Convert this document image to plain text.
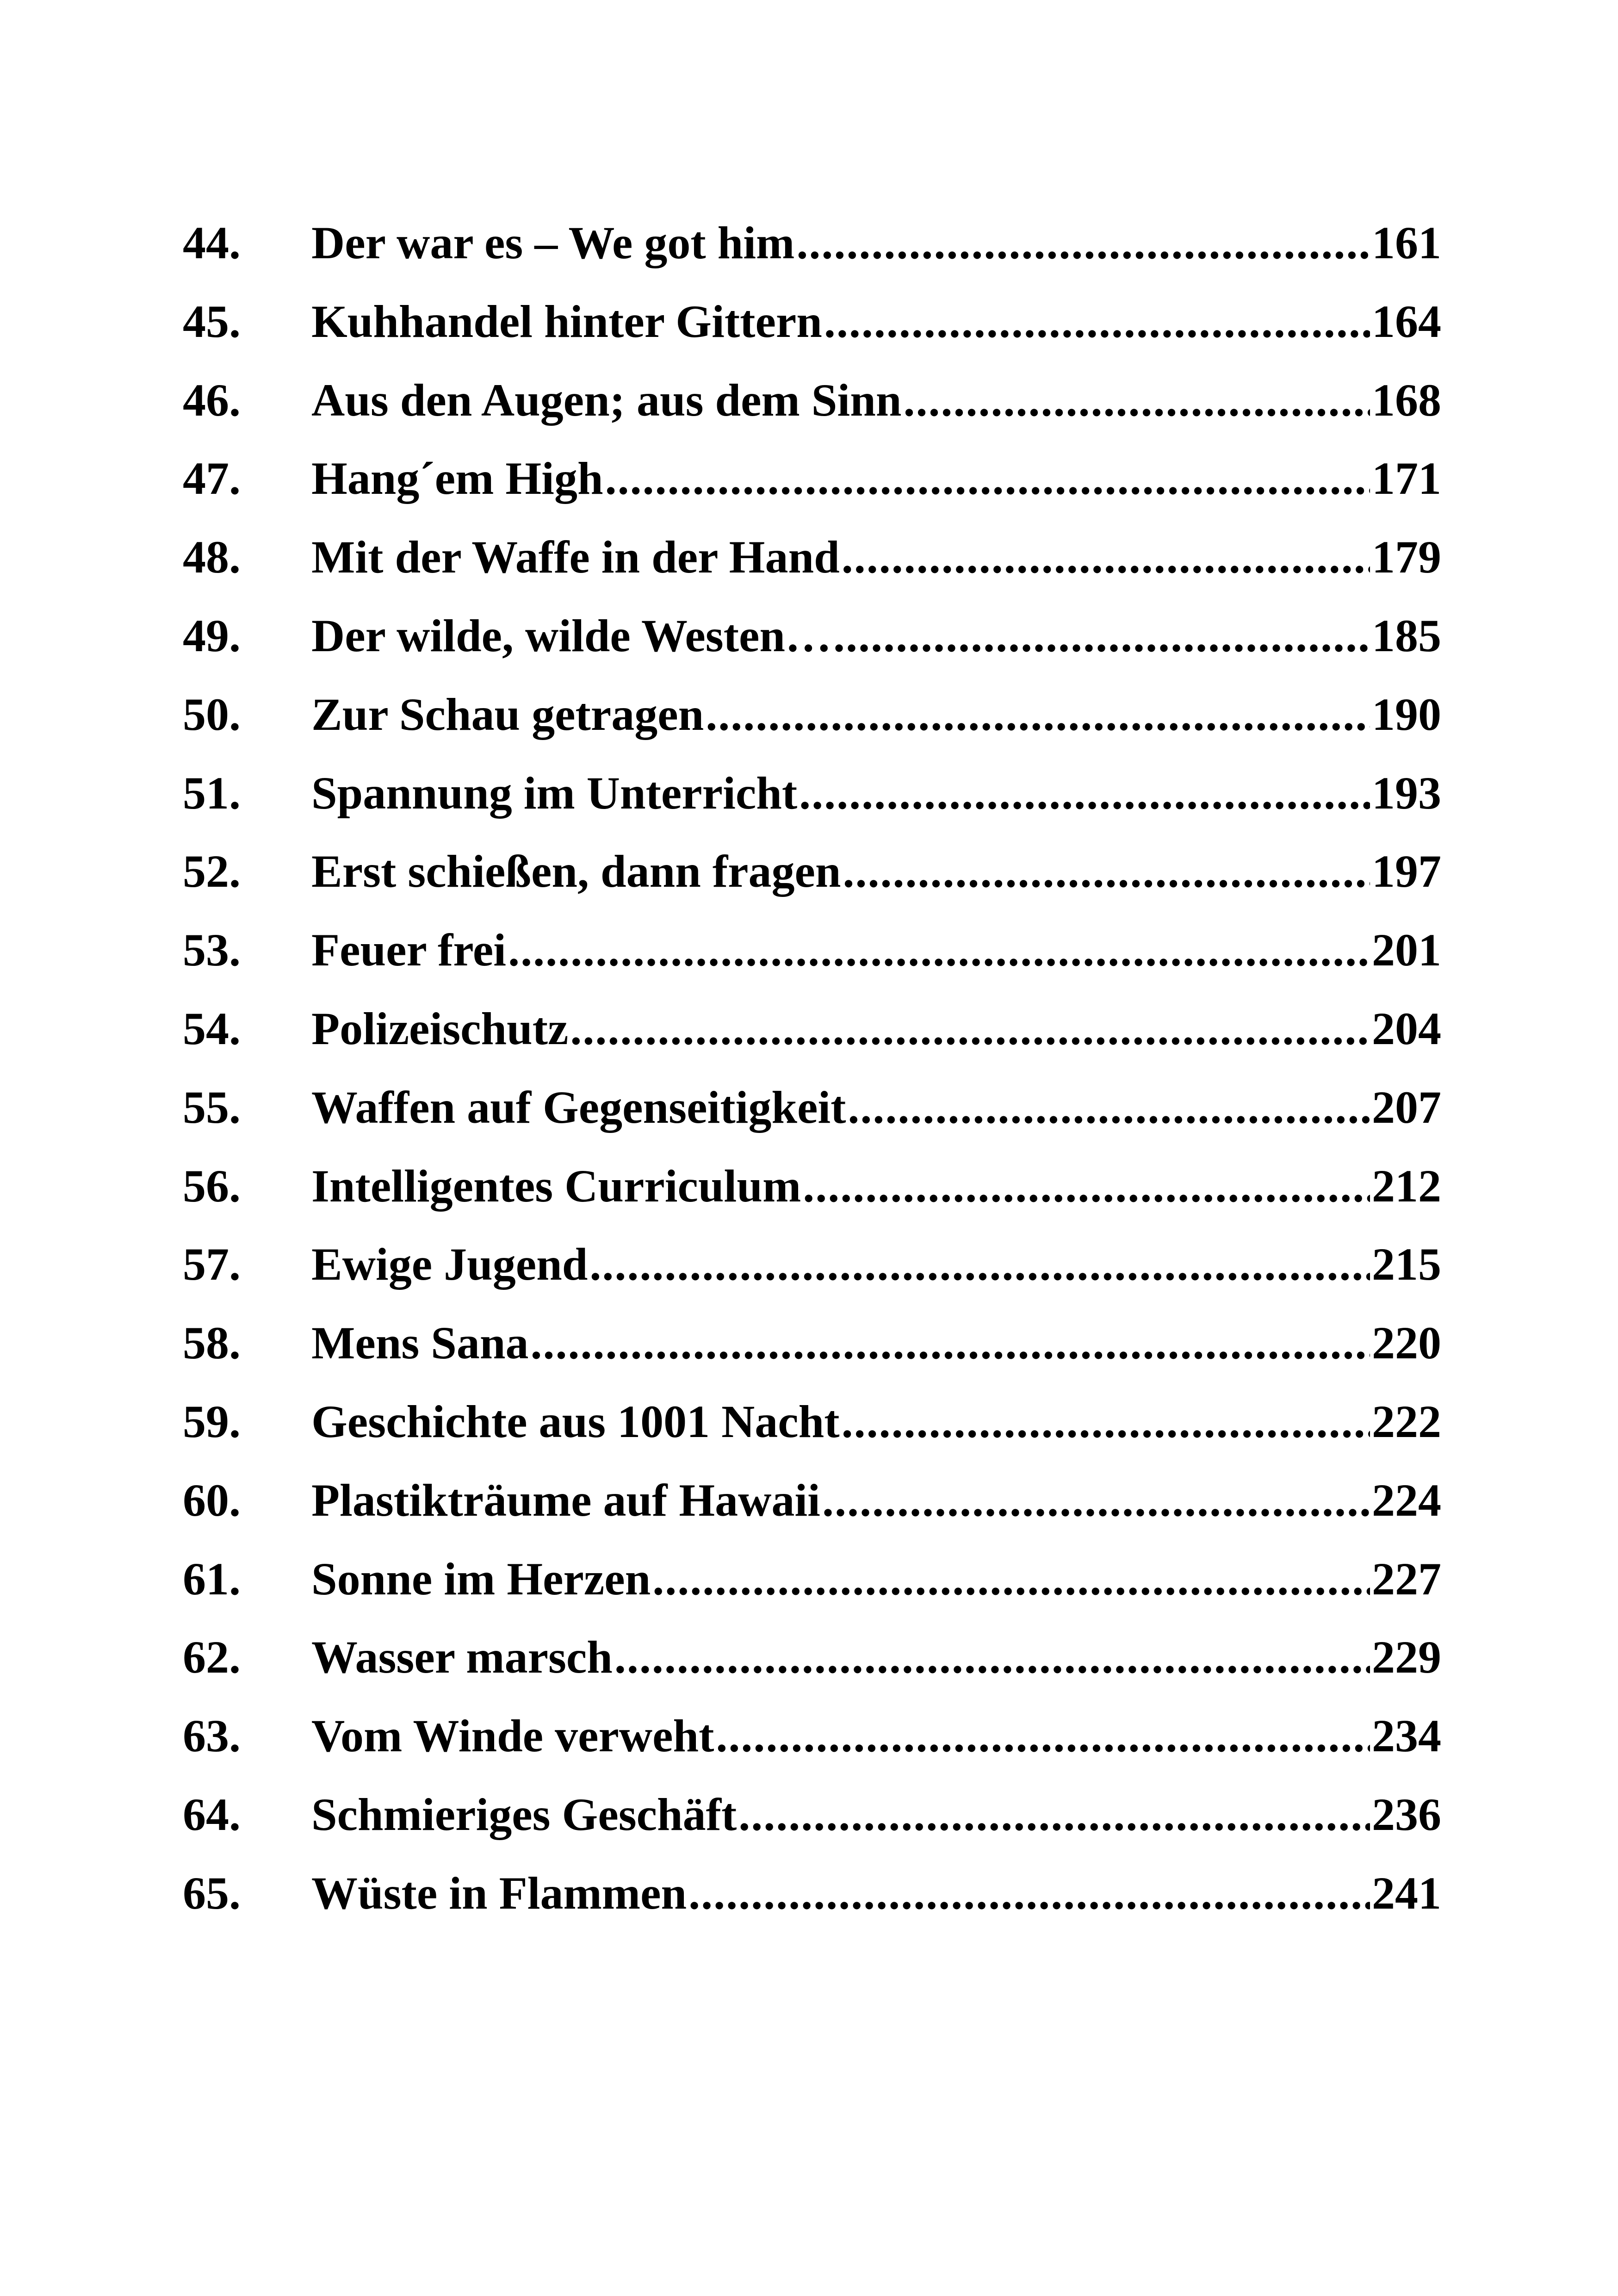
44.	Der war es – We got him .....	161
45.	Kuhhandel hinter Gittern .....	164
46.	Aus den Augen; aus dem Sinn .....	168
47.	Hang´em High .....	171
48.	Mit der Waffe in der Hand .....	179
49.	Der wilde, wilde Westen… .....	185
50.	Zur Schau getragen .....	190
51.	Spannung im Unterricht .....	193
52.	Erst schießen, dann fragen .....	197
53.	Feuer frei .....	201
54.	Polizeischutz .....	204
55.	Waffen auf Gegenseitigkeit .....	207
56.	Intelligentes Curriculum .....	212
57.	Ewige Jugend .....	215
58.	Mens Sana .....	220
59.	Geschichte aus 1001 Nacht .....	222
60.	Plastikträume auf Hawaii .....	224
61.	Sonne im Herzen .....	227
62.	Wasser marsch .....	229
63.	Vom Winde verweht .....	234
64.	Schmieriges Geschäft .....	236
65.	Wüste in Flammen .....	241
